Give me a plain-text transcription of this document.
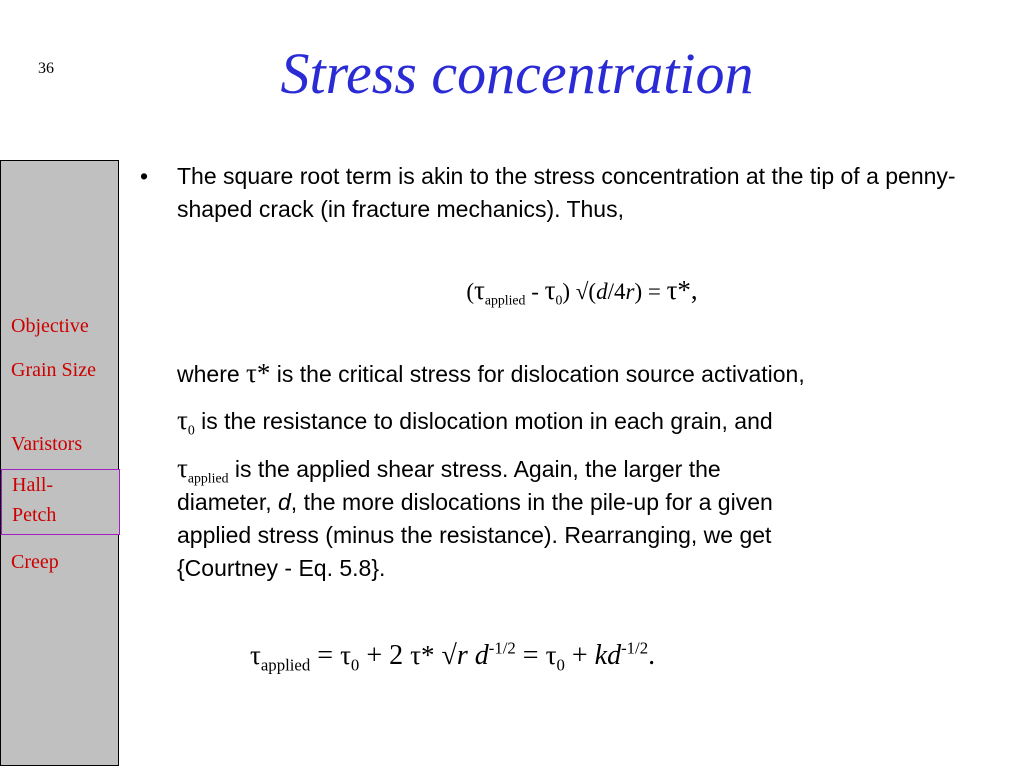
36	Stress concentration
Objective
Grain Size
Varistors
Hall-Petch
Creep
• The square root term is akin to the stress concentration at the tip of a penny-shaped crack (in fracture mechanics). Thus,
$(\tau_{applied} - \tau_0) √(d/4r) = \tau*$,
where τ* is the critical stress for dislocation source activation,
$\tau_0$ is the resistance to dislocation motion in each grain, and
$\tau_{applied}$ is the applied shear stress. Again, the larger the
diameter, d, the more dislocations in the pile-up for a given
applied stress (minus the resistance). Rearranging, we get
{Courtney - Eq. 5.8}.
$\tau_{applied} = \tau_0 + 2$ τ* √r $d^{-1/2} = \tau_0 + kd^{-1/2}$.
